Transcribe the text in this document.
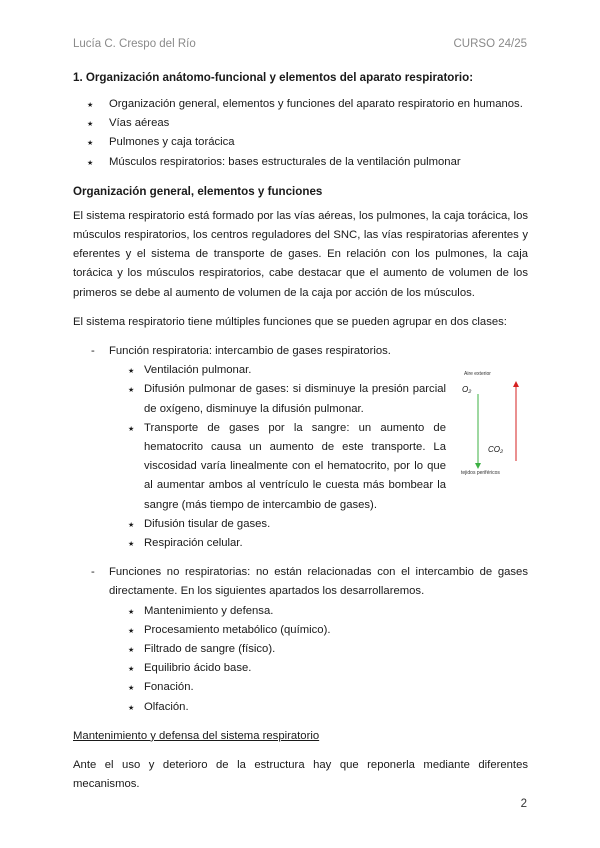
Lucía C. Crespo del Río	CURSO 24/25
1. Organización anátomo-funcional y elementos del aparato respiratorio:
★ Organización general, elementos y funciones del aparato respiratorio en humanos.
★ Vías aéreas
★ Pulmones y caja torácica
★ Músculos respiratorios: bases estructurales de la ventilación pulmonar
Organización general, elementos y funciones

El sistema respiratorio está formado por las vías aéreas, los pulmones, la caja torácica, los músculos respiratorios, los centros reguladores del SNC, las vías respiratorias aferentes y eferentes y el sistema de transporte de gases. En relación con los pulmones, la caja torácica y los músculos respiratorios, cabe destacar que el aumento de volumen de los primeros se debe al aumento de volumen de la caja por acción de los músculos.

El sistema respiratorio tiene múltiples funciones que se pueden agrupar en dos clases:

- Función respiratoria: intercambio de gases respiratorios.
Aire exterior
O₂
CO₂
tejidos periféricos
★ Ventilación pulmonar.
★ Difusión pulmonar de gases: si disminuye la presión parcial de oxígeno, disminuye la difusión pulmonar.
★ Transporte de gases por la sangre: un aumento de hematocrito causa un aumento de este transporte. La viscosidad varía linealmente con el hematocrito, por lo que al aumentar ambos al ventrículo le cuesta más bombear la sangre (más tiempo de intercambio de gases).
★ Difusión tisular de gases.
★ Respiración celular.
- Funciones no respiratorias: no están relacionadas con el intercambio de gases directamente. En los siguientes apartados los desarrollaremos.
★ Mantenimiento y defensa.
★ Procesamiento metabólico (químico).
★ Filtrado de sangre (físico).
★ Equilibrio ácido base.
★ Fonación.
★ Olfación.
Mantenimiento y defensa del sistema respiratorio

Ante el uso y deterioro de la estructura hay que reponerla mediante diferentes mecanismos.

2
